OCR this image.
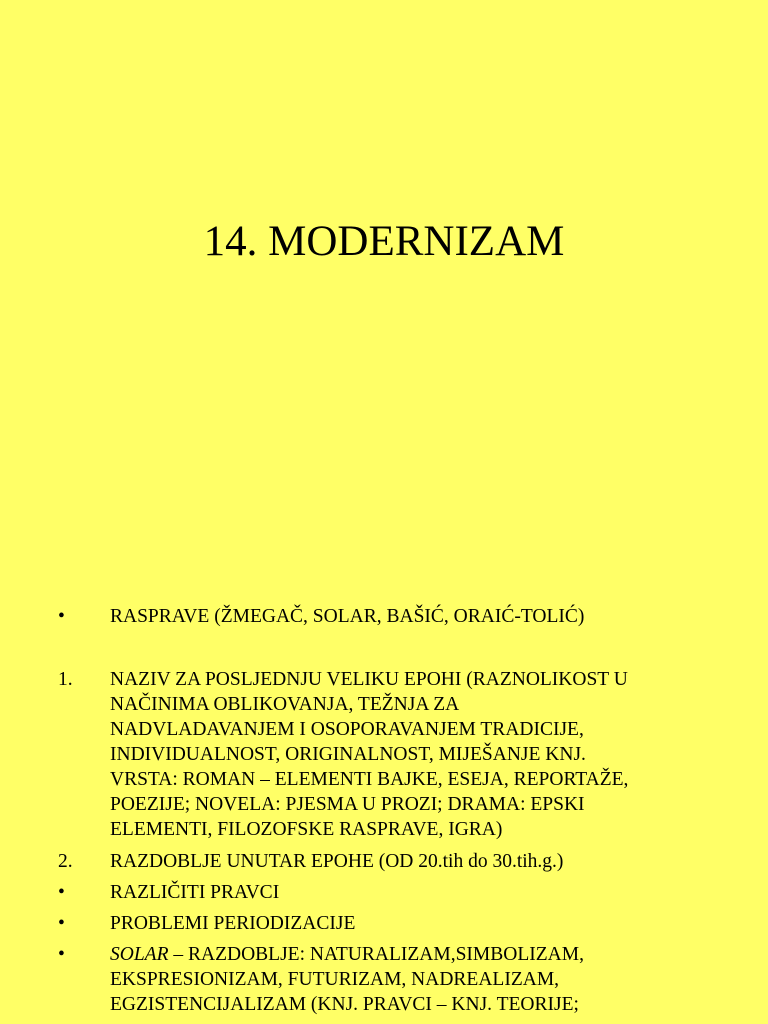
14. MODERNIZAM
• RASPRAVE (ŽMEGAČ, SOLAR, BAŠIĆ, ORAIĆ-TOLIĆ)
1. NAZIV ZA POSLJEDNJU VELIKU EPOHI (RAZNOLIKOST U
NAČINIMA OBLIKOVANJA, TEŽNJA ZA
NADVLADAVANJEM I OSOPORAVANJEM TRADICIJE,
INDIVIDUALNOST, ORIGINALNOST, MIJEŠANJE KNJ.
VRSTA: ROMAN – ELEMENTI BAJKE, ESEJA, REPORTAŽE,
POEZIJE; NOVELA: PJESMA U PROZI; DRAMA: EPSKI
ELEMENTI, FILOZOFSKE RASPRAVE, IGRA)
2. RAZDOBLJE UNUTAR EPOHE (OD 20.tih do 30.tih.g.)
• RAZLIČITI PRAVCI
• PROBLEMI PERIODIZACIJE
• SOLAR – RAZDOBLJE: NATURALIZAM,SIMBOLIZAM,
EKSPRESIONIZAM, FUTURIZAM, NADREALIZAM,
EGZISTENCIJALIZAM (KNJ. PRAVCI – KNJ. TEORIJE;
